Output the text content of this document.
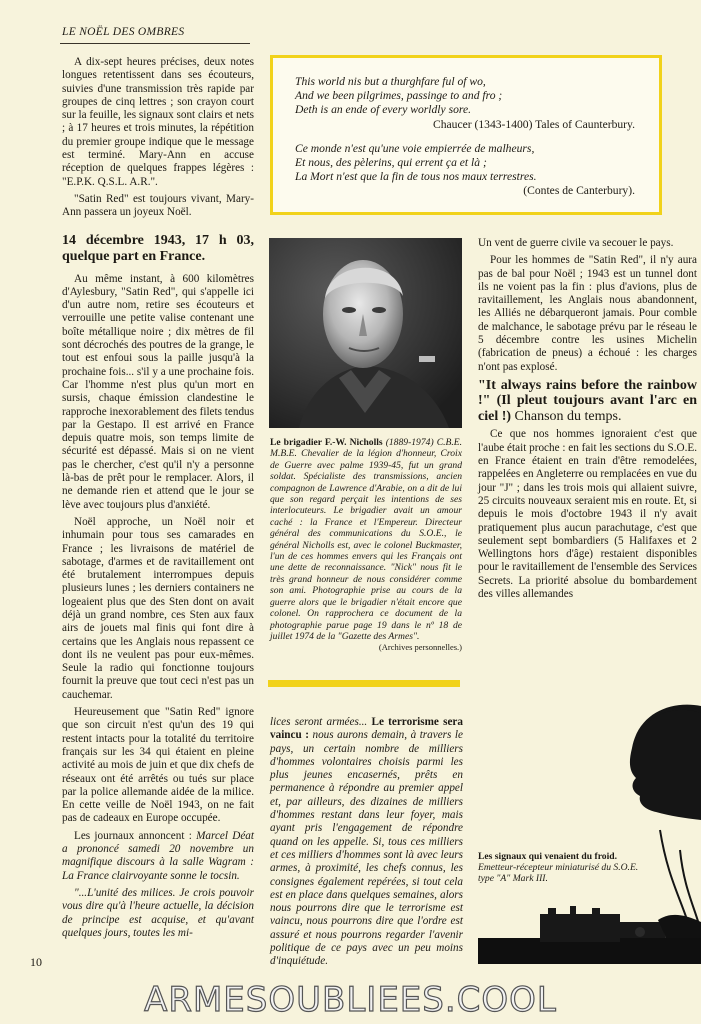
LE NOËL DES OMBRES

A dix-sept heures précises, deux notes longues retentissent dans ses écouteurs, suivies d'une transmission très rapide par groupes de cinq lettres ; son crayon court sur la feuille, les signaux sont clairs et nets ; à 17 heures et trois minutes, la répétition du premier groupe indique que le message est terminé. Mary-Ann en accuse réception de quelques frappes légères : "E.P.K. Q.S.L. A.R.".

"Satin Red" est toujours vivant, Mary-Ann passera un joyeux Noël.

14 décembre 1943, 17 h 03, quelque part en France.

Au même instant, à 600 kilomètres d'Aylesbury, "Satin Red", qui s'appelle ici d'un autre nom, retire ses écouteurs et verrouille une petite valise contenant une boîte métallique noire ; dix mètres de fil sont décrochés des poutres de la grange, le tout est enfoui sous la paille jusqu'à la prochaine fois... s'il y a une prochaine fois. Car l'homme n'est plus qu'un mort en sursis, chaque émission clandestine le rapproche inexorablement des filets tendus par la Gestapo. Il est arrivé en France depuis quatre mois, son temps limite de sécurité est dépassé. Mais si on ne vient pas le chercher, c'est qu'il n'y a personne là-bas de prêt pour le remplacer. Alors, il ne demande rien et attend que le jour se lève avec toujours plus d'anxiété.

Noël approche, un Noël noir et inhumain pour tous ses camarades en France ; les livraisons de matériel de sabotage, d'armes et de ravitaillement ont été brutalement interrompues depuis plusieurs lunes ; les derniers containers ne logeaient plus que des Sten dont on avait déjà un grand nombre, ces Sten aux faux airs de jouets mal finis qui font dire à certains que les Anglais nous repassent ce dont ils ne veulent pas pour eux-mêmes. Seule la radio qui fonctionne toujours fournit la preuve que tout ceci n'est pas un cauchemar.

Heureusement que "Satin Red" ignore que son circuit n'est qu'un des 19 qui restent intacts pour la totalité du territoire français sur les 34 qui étaient en pleine activité au mois de juin et que dix chefs de réseaux ont été arrêtés ou tués sur place par la police allemande aidée de la milice. En cette veille de Noël 1943, on ne fait pas de cadeaux en Europe occupée.

Les journaux annoncent : Marcel Déat a prononcé samedi 20 novembre un magnifique discours à la salle Wagram : La France clairvoyante sonne le tocsin.

"...L'unité des milices. Je crois pouvoir vous dire qu'à l'heure actuelle, la décision de principe est acquise, et qu'avant quelques jours, toutes les mi-

This world nis but a thurghfare ful of wo,
And we been pilgrimes, passinge to and fro ;
Deth is an ende of every worldly sore.
Chaucer (1343-1400) Tales of Caunterbury.
Ce monde n'est qu'une voie empierrée de malheurs,
Et nous, des pèlerins, qui errent ça et là ;
La Mort n'est que la fin de tous nos maux terrestres.
(Contes de Canterbury).
Le brigadier F.-W. Nicholls (1889-1974) C.B.E. M.B.E. Chevalier de la légion d'honneur, Croix de Guerre avec palme 1939-45, fut un grand soldat. Spécialiste des transmissions, ancien compagnon de Lawrence d'Arabie, on a dit de lui que son regard perçait les intentions de ses interlocuteurs. Le brigadier avait un amour caché : la France et l'Empereur. Directeur général des communications du S.O.E., le général Nicholls est, avec le colonel Buckmaster, l'un de ces hommes envers qui les Français ont une dette de reconnaissance. "Nick" nous fit le très grand honneur de nous considérer comme son ami. Photographie prise au cours de la guerre alors que le brigadier n'était encore que colonel. On rapprochera ce document de la photographie parue page 19 dans le nº 18 de juillet 1974 de la "Gazette des Armes".
(Archives personnelles.)

lices seront armées... Le terrorisme sera vaincu : nous aurons demain, à travers le pays, un certain nombre de milliers d'hommes volontaires choisis parmi les plus jeunes encasernés, prêts en permanence à répondre au premier appel et, par ailleurs, des dizaines de milliers d'hommes restant dans leur foyer, mais ayant pris l'engagement de répondre quand on les appelle. Si, tous ces milliers et ces milliers d'hommes sont là avec leurs armes, à proximité, les chefs connus, les consignes également repérées, si tout cela est en place dans quelques semaines, alors nous pourrons dire que le terrorisme est vaincu, nous pourrons dire que l'ordre est assuré et nous pourrons regarder l'avenir politique de ce pays avec un peu moins d'inquiétude.

Un vent de guerre civile va secouer le pays.

Pour les hommes de "Satin Red", il n'y aura pas de bal pour Noël ; 1943 est un tunnel dont ils ne voient pas la fin : plus d'avions, plus de ravitaillement, les Anglais nous abandonnent, les Alliés ne débarqueront jamais. Pour comble de malchance, le sabotage prévu par le réseau le 5 décembre contre les usines Michelin (fabrication de pneus) a échoué : les charges n'ont pas explosé.

"It always rains before the rainbow !" (Il pleut toujours avant l'arc en ciel !) Chanson du temps.

Ce que nos hommes ignoraient c'est que l'aube était proche : en fait les sections du S.O.E. en France étaient en train d'être remodelées, rappelées en Angleterre ou remplacées en vue du jour "J" ; dans les trois mois qui allaient suivre, 25 circuits nouveaux seraient mis en route. Et, si depuis le mois d'octobre 1943 il n'y avait pratiquement plus aucun parachutage, c'est que seulement sept bombardiers (5 Halifaxes et 2 Wellingtons hors d'âge) restaient disponibles pour le ravitaillement de l'ensemble des Services Secrets. La priorité absolue du bombardement des villes allemandes

Les signaux qui venaient du froid.
Emetteur-récepteur miniaturisé du S.O.E. type "A" Mark III.
10
ARMESOUBLIEES.COOL
